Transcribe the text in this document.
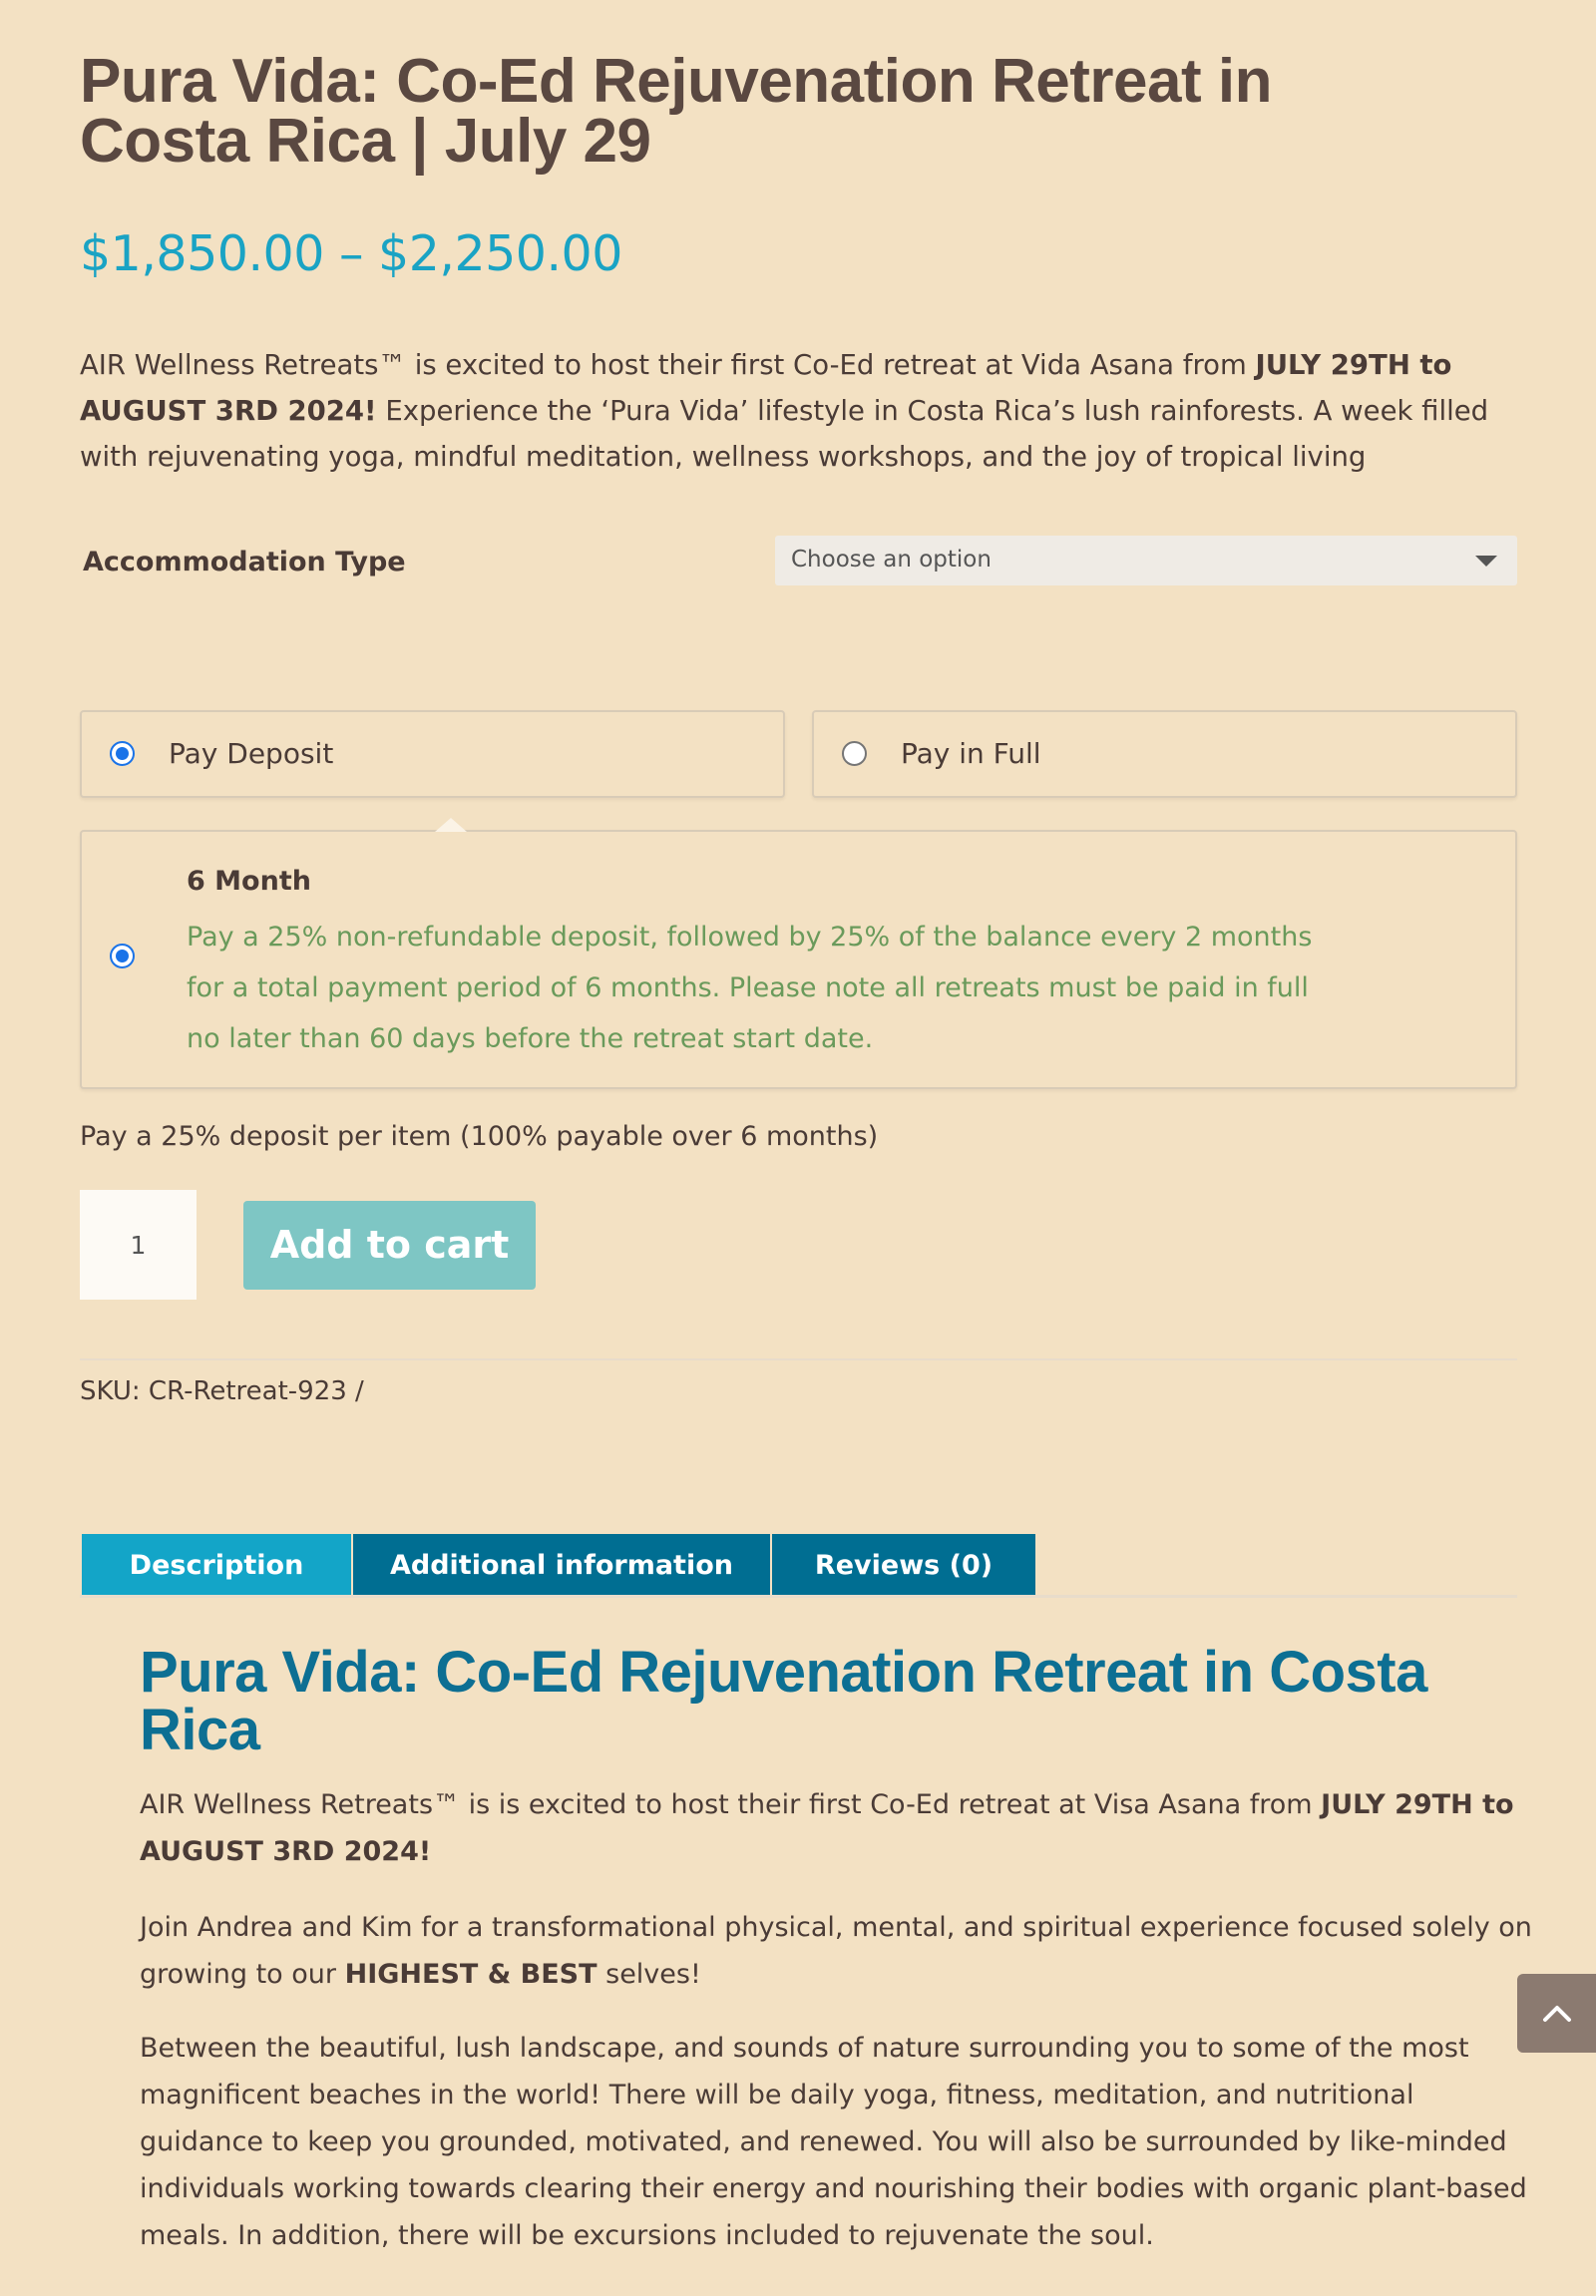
Pura Vida: Co-Ed Rejuvenation Retreat in Costa Rica | July 29
$1,850.00 – $2,250.00

AIR Wellness Retreats™ is excited to host their first Co-Ed retreat at Vida Asana from JULY 29TH to AUGUST 3RD 2024! Experience the ‘Pura Vida’ lifestyle in Costa Rica’s lush rainforests. A week filled with rejuvenating yoga, mindful meditation, wellness workshops, and the joy of tropical living

Accommodation Type	Choose an option
Pay Deposit	Pay in Full
6 Month
Pay a 25% non-refundable deposit, followed by 25% of the balance every 2 months for a total payment period of 6 months. Please note all retreats must be paid in full no later than 60 days before the retreat start date.
Pay a 25% deposit per item (100% payable over 6 months)
1
Add to cart
SKU: CR-Retreat-923 /
Description	Additional information	Reviews (0)
Pura Vida: Co-Ed Rejuvenation Retreat in Costa Rica

AIR Wellness Retreats™ is is excited to host their first Co-Ed retreat at Visa Asana from JULY 29TH to AUGUST 3RD 2024!

Join Andrea and Kim for a transformational physical, mental, and spiritual experience focused solely on growing to our HIGHEST & BEST selves!

Between the beautiful, lush landscape, and sounds of nature surrounding you to some of the most magnificent beaches in the world! There will be daily yoga, fitness, meditation, and nutritional guidance to keep you grounded, motivated, and renewed. You will also be surrounded by like-minded individuals working towards clearing their energy and nourishing their bodies with organic plant-based meals. In addition, there will be excursions included to rejuvenate the soul.
